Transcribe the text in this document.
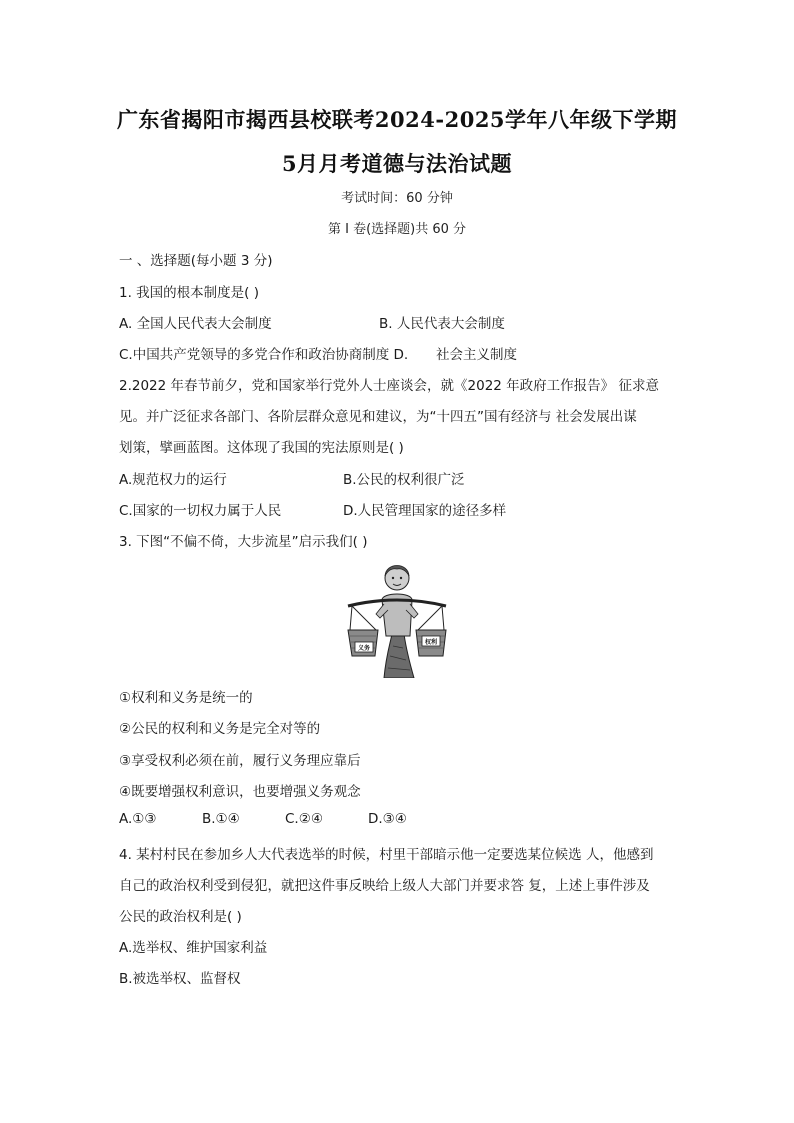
广东省揭阳市揭西县校联考2024-2025学年八年级下学期
5月月考道德与法治试题
考试时间：60 分钟
第 I 卷(选择题)共 60 分
一 、选择题(每小题 3 分)
1. 我国的根本制度是( )
A. 全国人民代表大会制度	B. 人民代表大会制度
C.中国共产党领导的多党合作和政治协商制度 D. 社会主义制度
2.2022 年春节前夕，党和国家举行党外人士座谈会，就《2022 年政府工作报告》 征求意
见。并广泛征求各部门、各阶层群众意见和建议，为“十四五”国有经济与 社会发展出谋
划策，擘画蓝图。这体现了我国的宪法原则是( )
A.规范权力的运行	B.公民的权利很广泛
C.国家的一切权力属于人民	D.人民管理国家的途径多样
3. 下图“不偏不倚，大步流星”启示我们( )
义务
权利
①权利和义务是统一的
②公民的权利和义务是完全对等的
③享受权利必须在前，履行义务理应靠后
④既要增强权利意识，也要增强义务观念
A.①③	B.①④	C.②④	D.③④
4. 某村村民在参加乡人大代表选举的时候，村里干部暗示他一定要选某位候选 人，他感到
自己的政治权利受到侵犯，就把这件事反映给上级人大部门并要求答 复，上述上事件涉及
公民的政治权利是( )
A.选举权、维护国家利益
B.被选举权、监督权
